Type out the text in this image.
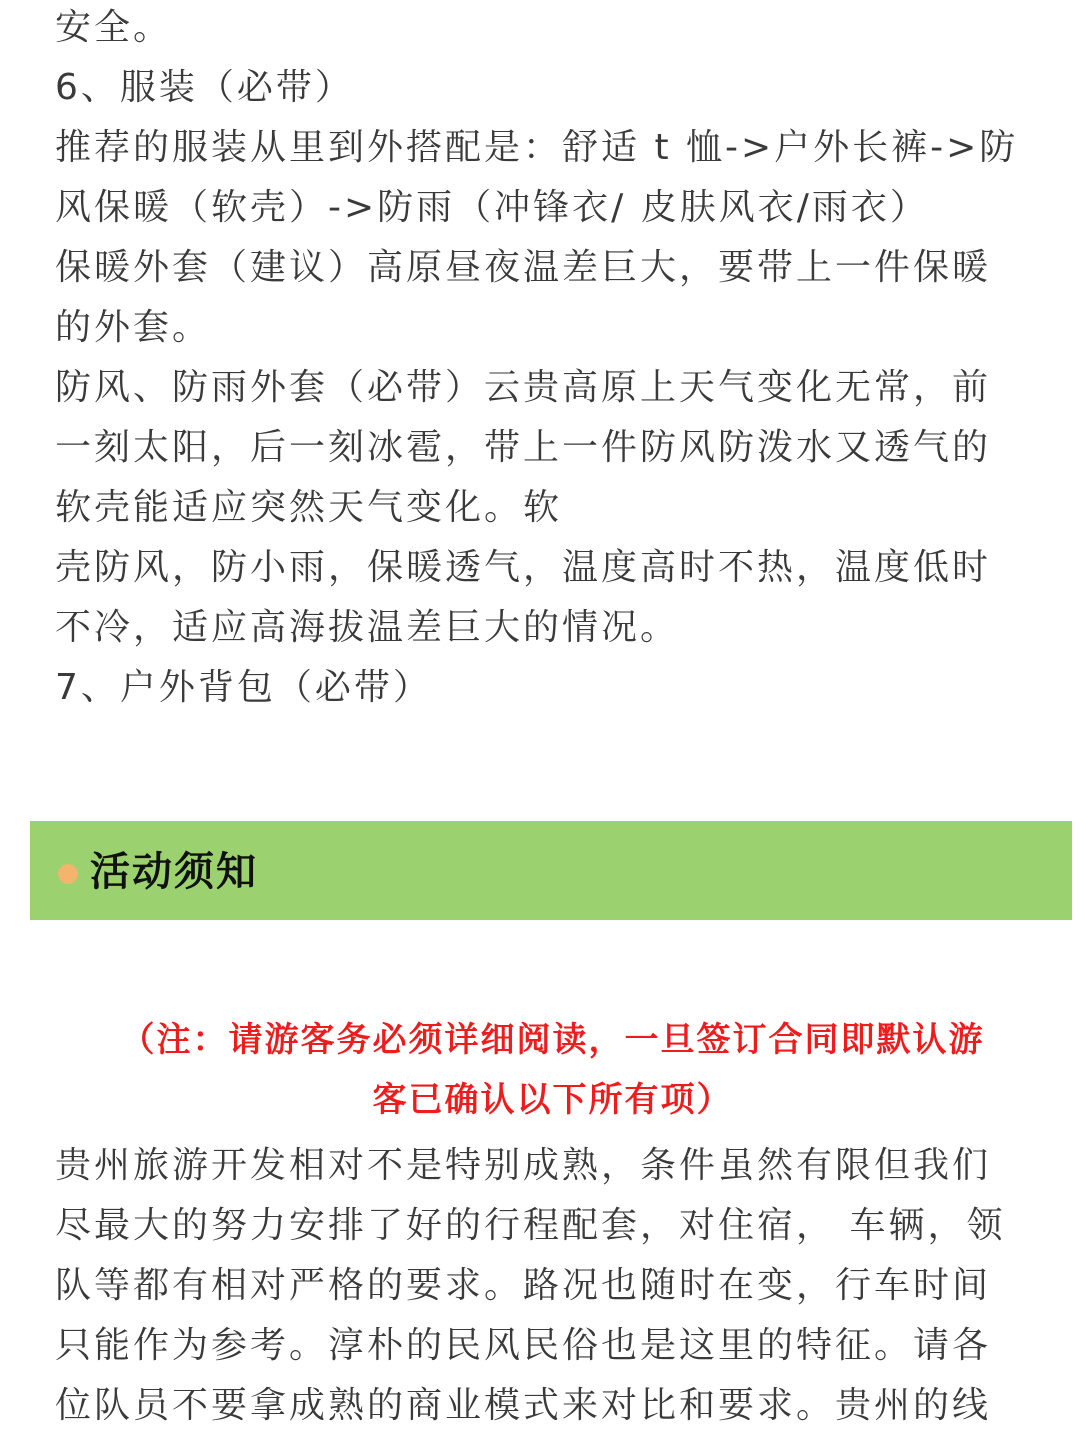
安全。
6、服装（必带）
推荐的服装从里到外搭配是：舒适 t 恤->户外长裤->防
风保暖（软壳）->防雨（冲锋衣/ 皮肤风衣/雨衣）
保暖外套（建议）高原昼夜温差巨大，要带上一件保暖
的外套。
防风、防雨外套（必带）云贵高原上天气变化无常，前
一刻太阳，后一刻冰雹，带上一件防风防泼水又透气的
软壳能适应突然天气变化。软
壳防风，防小雨，保暖透气，温度高时不热，温度低时
不冷，适应高海拔温差巨大的情况。
7、户外背包（必带）
活动须知
（注：请游客务必须详细阅读，一旦签订合同即默认游
客已确认以下所有项）
贵州旅游开发相对不是特别成熟，条件虽然有限但我们
尽最大的努力安排了好的行程配套，对住宿， 车辆，领
队等都有相对严格的要求。路况也随时在变，行车时间
只能作为参考。淳朴的民风民俗也是这里的特征。请各
位队员不要拿成熟的商业模式来对比和要求。贵州的线
